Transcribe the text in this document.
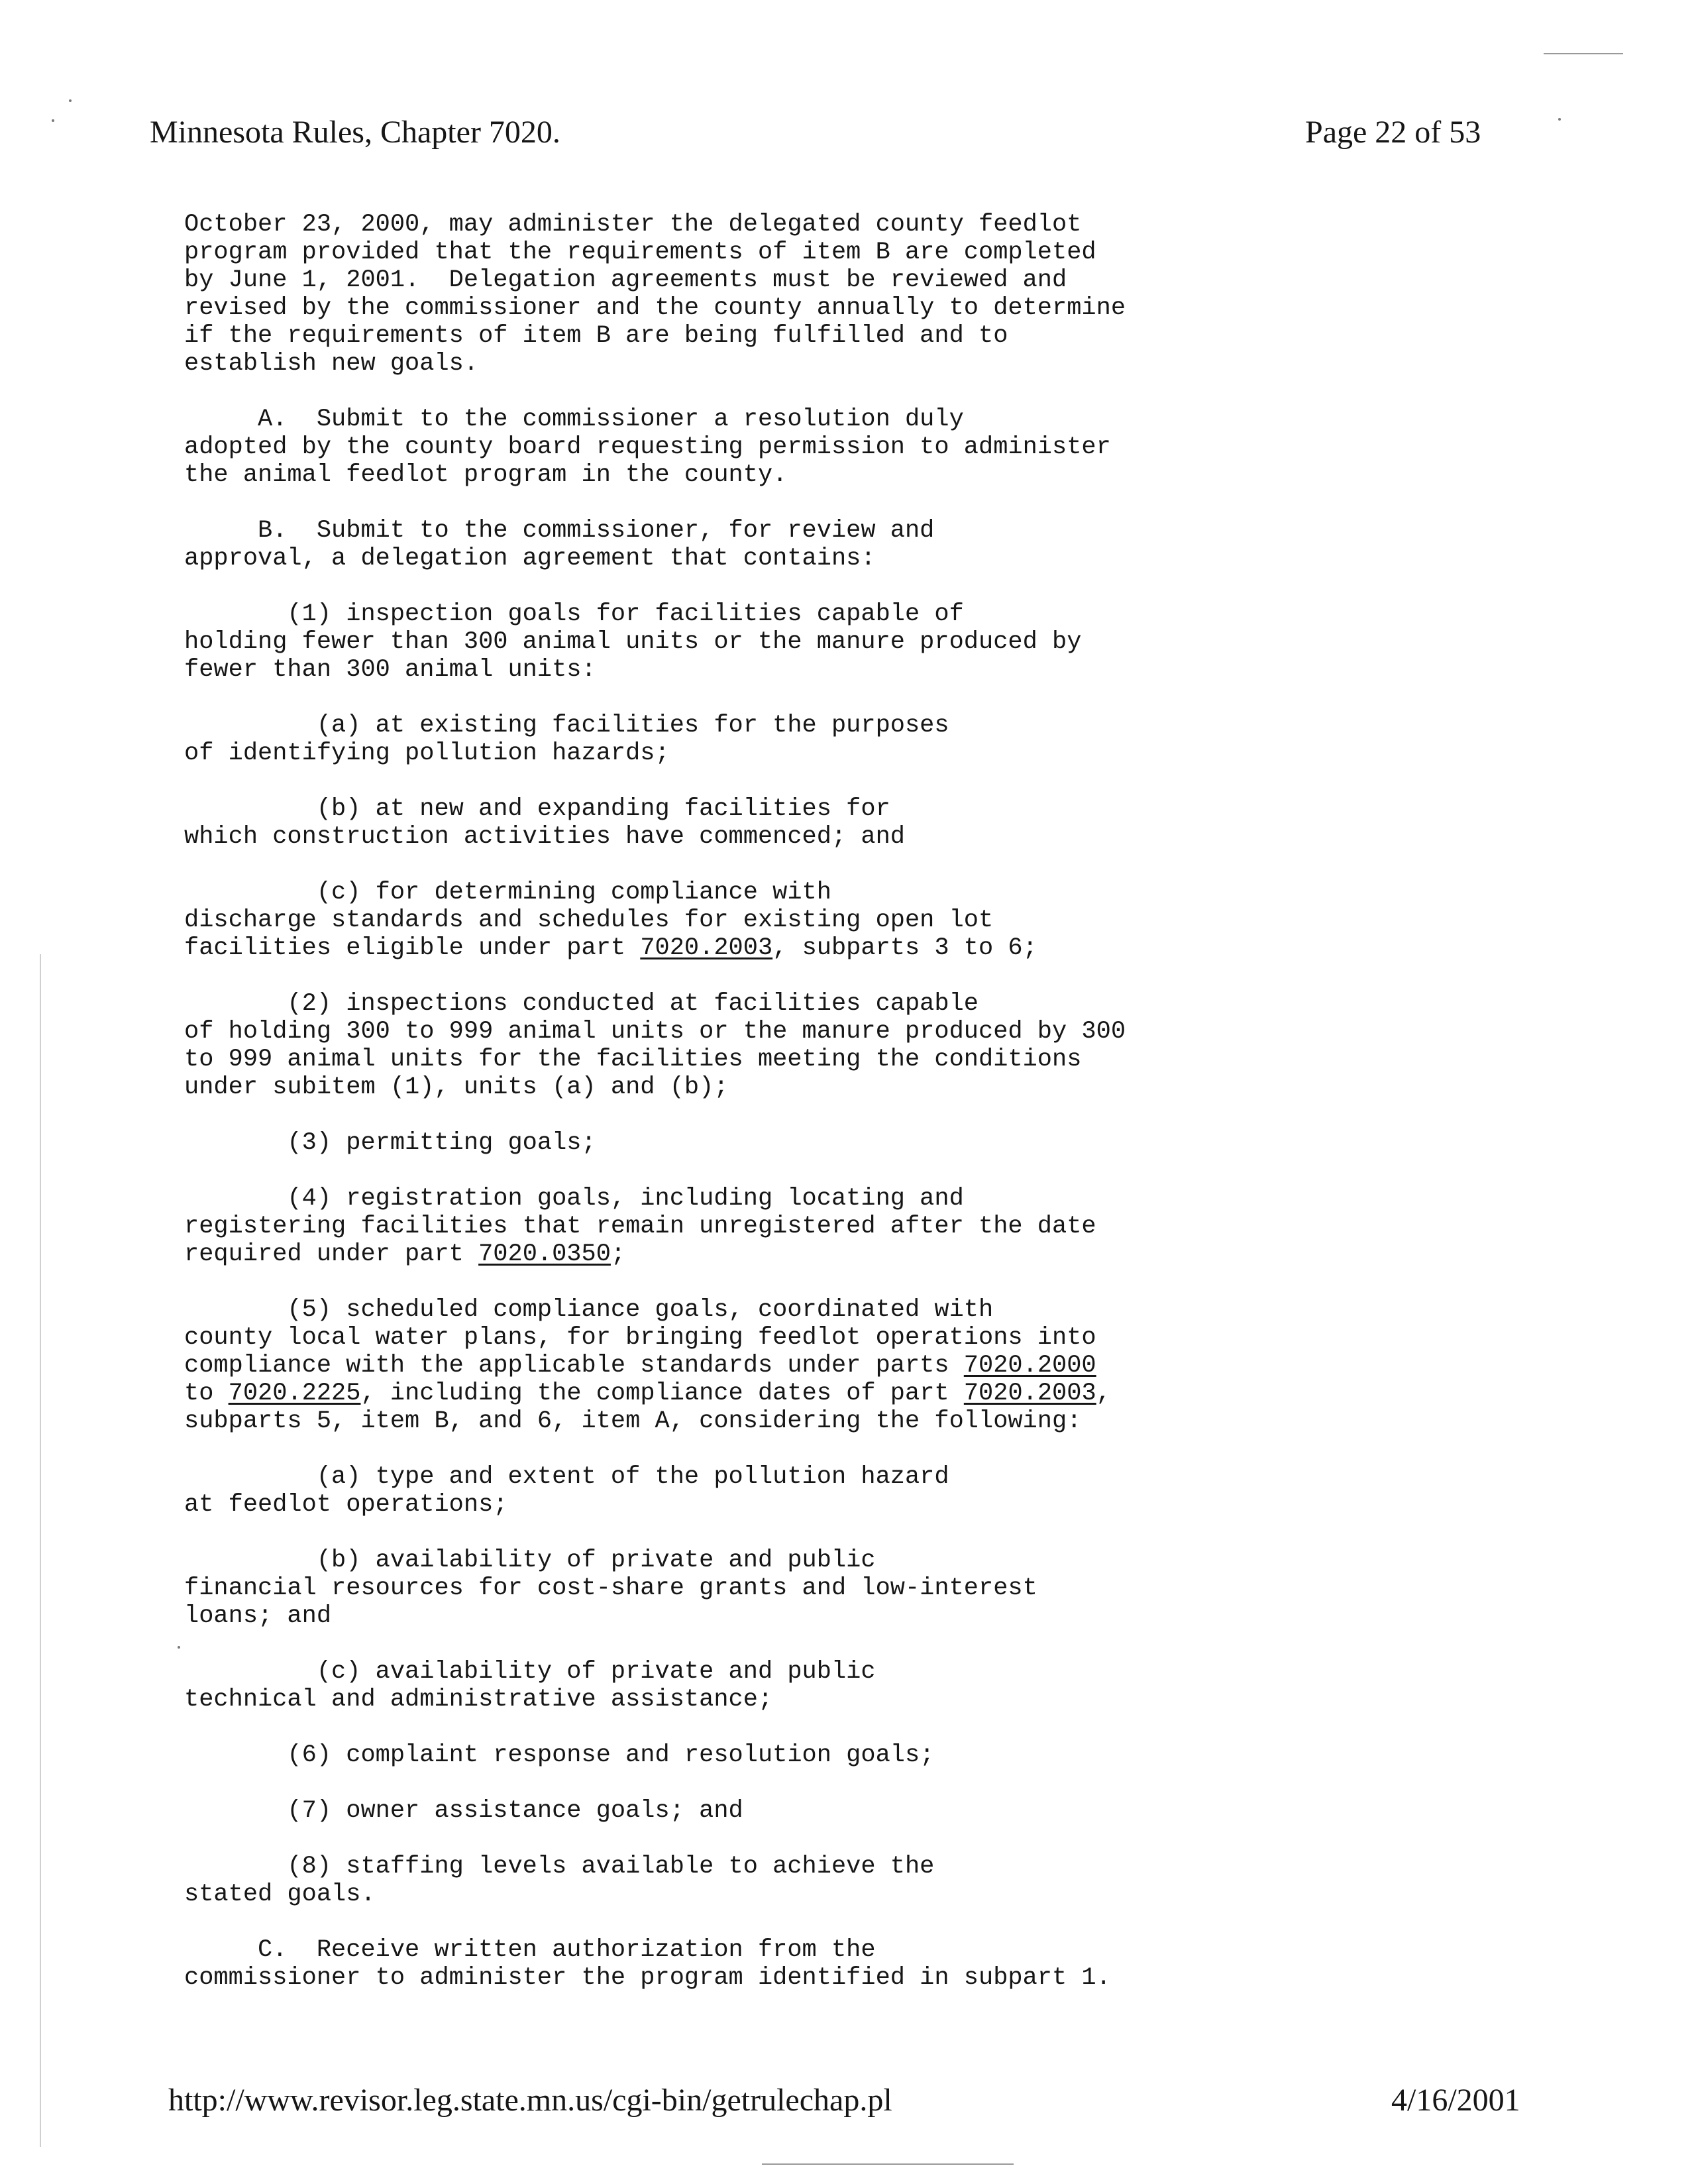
Minnesota Rules, Chapter 7020.	Page 22 of 53
October 23, 2000, may administer the delegated county feedlot
program provided that the requirements of item B are completed
by June 1, 2001.  Delegation agreements must be reviewed and
revised by the commissioner and the county annually to determine
if the requirements of item B are being fulfilled and to
establish new goals.
A.  Submit to the commissioner a resolution duly
adopted by the county board requesting permission to administer
the animal feedlot program in the county.
B.  Submit to the commissioner, for review and
approval, a delegation agreement that contains:
(1) inspection goals for facilities capable of
holding fewer than 300 animal units or the manure produced by
fewer than 300 animal units:
(a) at existing facilities for the purposes
of identifying pollution hazards;
(b) at new and expanding facilities for
which construction activities have commenced; and
(c) for determining compliance with
discharge standards and schedules for existing open lot
facilities eligible under part 7020.2003, subparts 3 to 6;
(2) inspections conducted at facilities capable
of holding 300 to 999 animal units or the manure produced by 300
to 999 animal units for the facilities meeting the conditions
under subitem (1), units (a) and (b);
(3) permitting goals;
(4) registration goals, including locating and
registering facilities that remain unregistered after the date
required under part 7020.0350;
(5) scheduled compliance goals, coordinated with
county local water plans, for bringing feedlot operations into
compliance with the applicable standards under parts 7020.2000
to 7020.2225, including the compliance dates of part 7020.2003,
subparts 5, item B, and 6, item A, considering the following:
(a) type and extent of the pollution hazard
at feedlot operations;
(b) availability of private and public
financial resources for cost-share grants and low-interest
loans; and
(c) availability of private and public
technical and administrative assistance;
(6) complaint response and resolution goals;
(7) owner assistance goals; and
(8) staffing levels available to achieve the
stated goals.
C.  Receive written authorization from the
commissioner to administer the program identified in subpart 1.
http://www.revisor.leg.state.mn.us/cgi-bin/getrulechap.pl	4/16/2001
